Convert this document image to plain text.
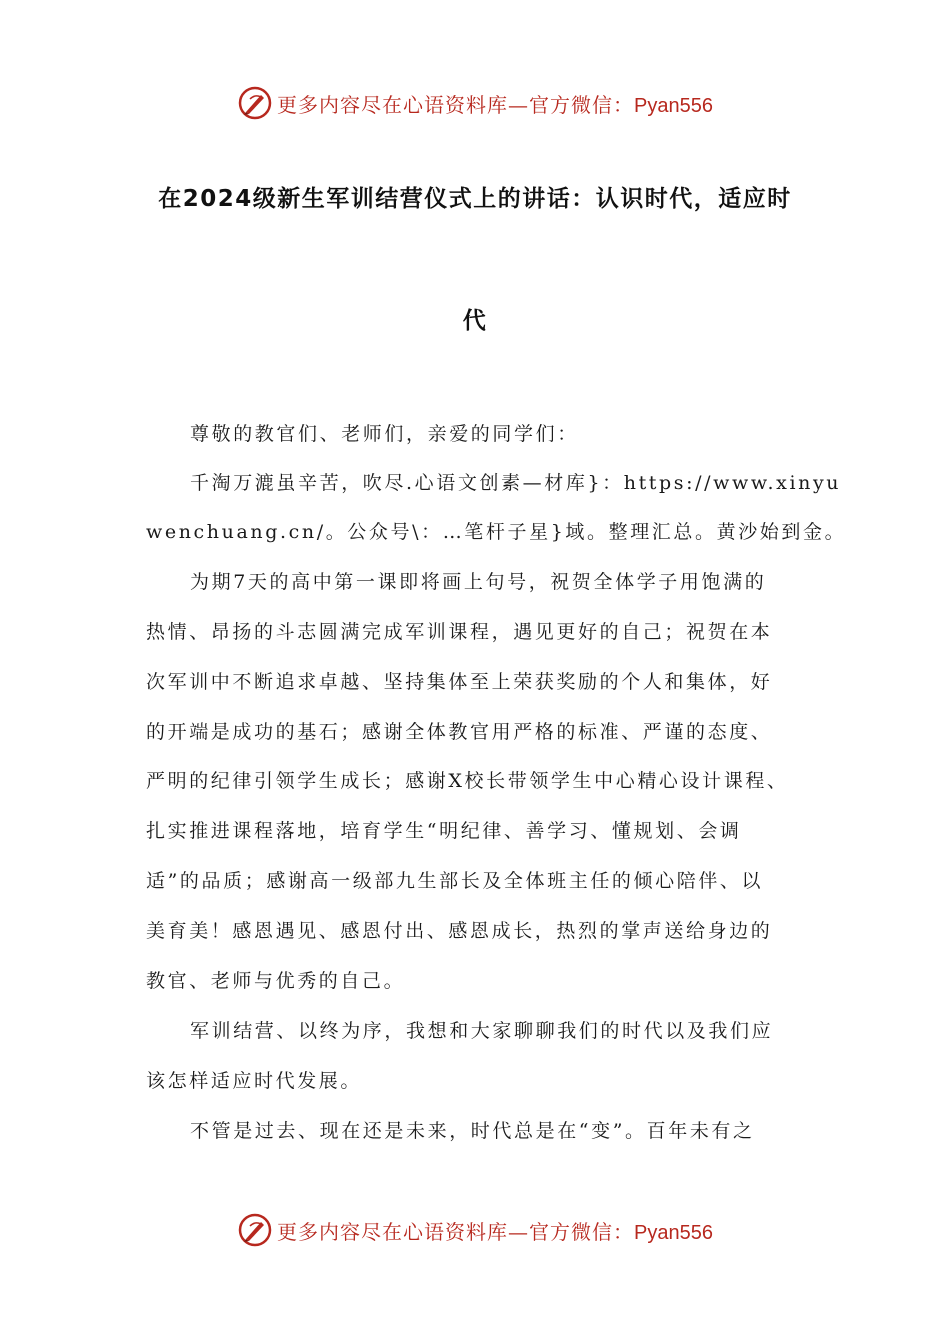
更多内容尽在心语资料库—官方微信：Pyan556
在2024级新生军训结营仪式上的讲话：认识时代，适应时
代
尊敬的教官们、老师们，亲爱的同学们：
千淘万漉虽辛苦，吹尽.心语文创素—材库}：https://www.xinyu
wenchuang.cn/。公众号\：…笔杆子星}域。整理汇总。黄沙始到金。
为期7天的高中第一课即将画上句号，祝贺全体学子用饱满的
热情、昂扬的斗志圆满完成军训课程，遇见更好的自己；祝贺在本
次军训中不断追求卓越、坚持集体至上荣获奖励的个人和集体，好
的开端是成功的基石；感谢全体教官用严格的标准、严谨的态度、
严明的纪律引领学生成长；感谢X校长带领学生中心精心设计课程、
扎实推进课程落地，培育学生“明纪律、善学习、懂规划、会调
适”的品质；感谢高一级部九生部长及全体班主任的倾心陪伴、以
美育美！感恩遇见、感恩付出、感恩成长，热烈的掌声送给身边的
教官、老师与优秀的自己。
军训结营、以终为序，我想和大家聊聊我们的时代以及我们应
该怎样适应时代发展。
不管是过去、现在还是未来，时代总是在“变”。百年未有之
更多内容尽在心语资料库—官方微信：Pyan556
